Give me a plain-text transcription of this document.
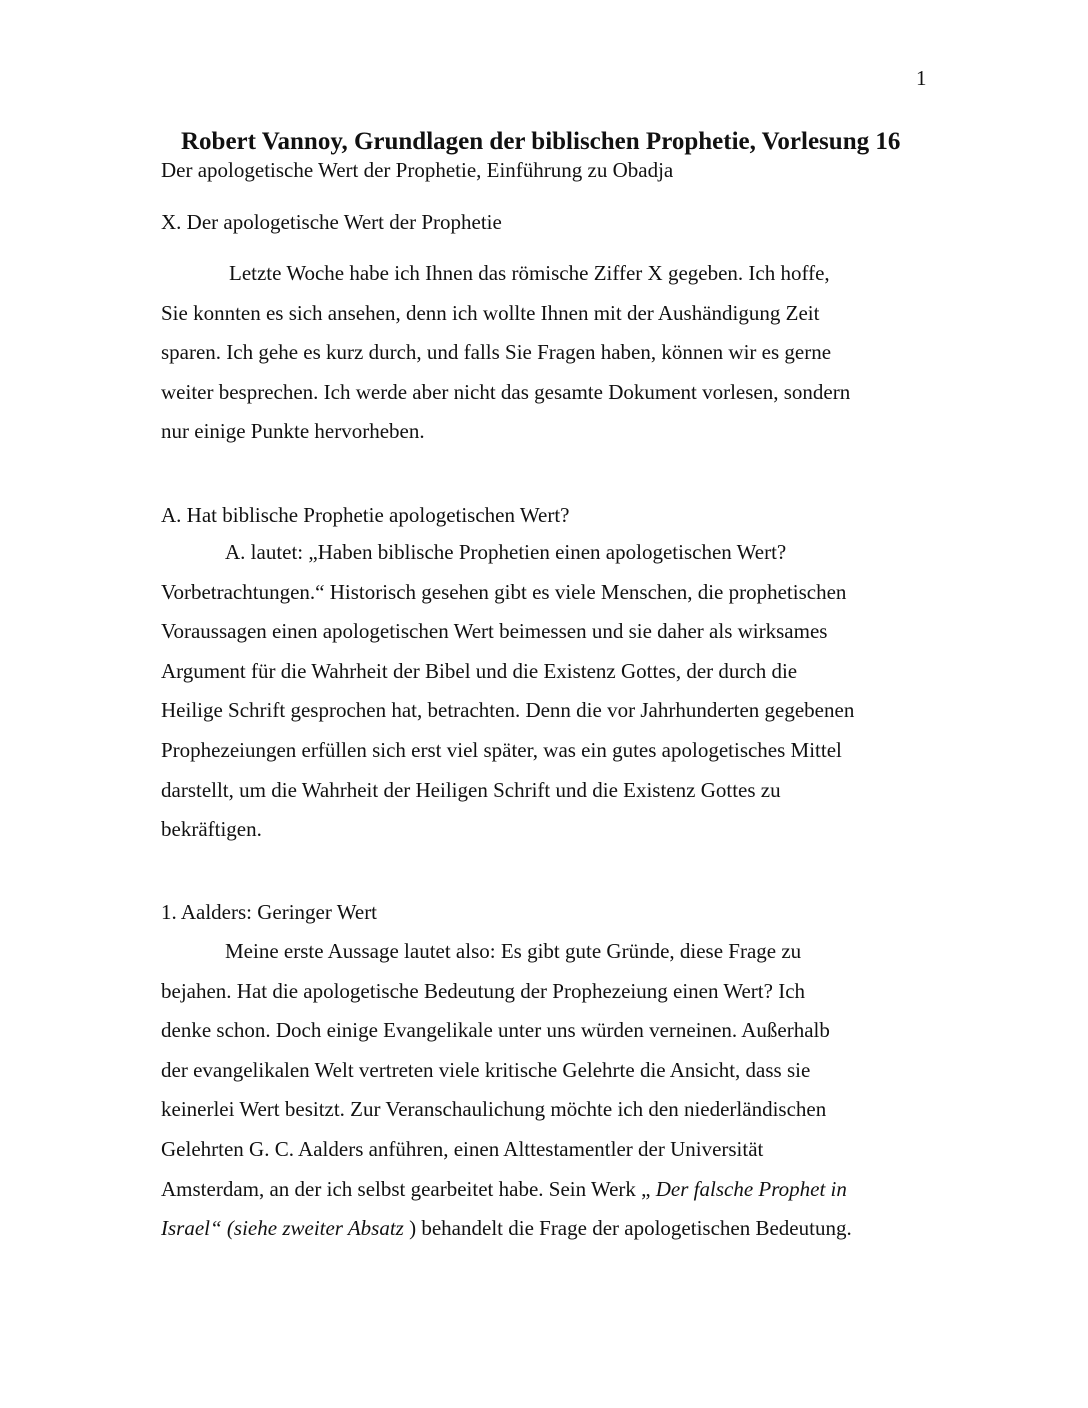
1
Robert Vannoy, Grundlagen der biblischen Prophetie, Vorlesung 16
Der apologetische Wert der Prophetie, Einführung zu Obadja
X. Der apologetische Wert der Prophetie
Letzte Woche habe ich Ihnen das römische Ziffer X gegeben. Ich hoffe,
Sie konnten es sich ansehen, denn ich wollte Ihnen mit der Aushändigung Zeit
sparen. Ich gehe es kurz durch, und falls Sie Fragen haben, können wir es gerne
weiter besprechen. Ich werde aber nicht das gesamte Dokument vorlesen, sondern
nur einige Punkte hervorheben.
A. Hat biblische Prophetie apologetischen Wert?
A. lautet: „Haben biblische Prophetien einen apologetischen Wert?
Vorbetrachtungen.“ Historisch gesehen gibt es viele Menschen, die prophetischen
Voraussagen einen apologetischen Wert beimessen und sie daher als wirksames
Argument für die Wahrheit der Bibel und die Existenz Gottes, der durch die
Heilige Schrift gesprochen hat, betrachten. Denn die vor Jahrhunderten gegebenen
Prophezeiungen erfüllen sich erst viel später, was ein gutes apologetisches Mittel
darstellt, um die Wahrheit der Heiligen Schrift und die Existenz Gottes zu
bekräftigen.
1. Aalders: Geringer Wert
Meine erste Aussage lautet also: Es gibt gute Gründe, diese Frage zu
bejahen. Hat die apologetische Bedeutung der Prophezeiung einen Wert? Ich
denke schon. Doch einige Evangelikale unter uns würden verneinen. Außerhalb
der evangelikalen Welt vertreten viele kritische Gelehrte die Ansicht, dass sie
keinerlei Wert besitzt. Zur Veranschaulichung möchte ich den niederländischen
Gelehrten G. C. Aalders anführen, einen Alttestamentler der Universität
Amsterdam, an der ich selbst gearbeitet habe. Sein Werk „ Der falsche Prophet in
Israel“ (siehe zweiter Absatz ) behandelt die Frage der apologetischen Bedeutung.
